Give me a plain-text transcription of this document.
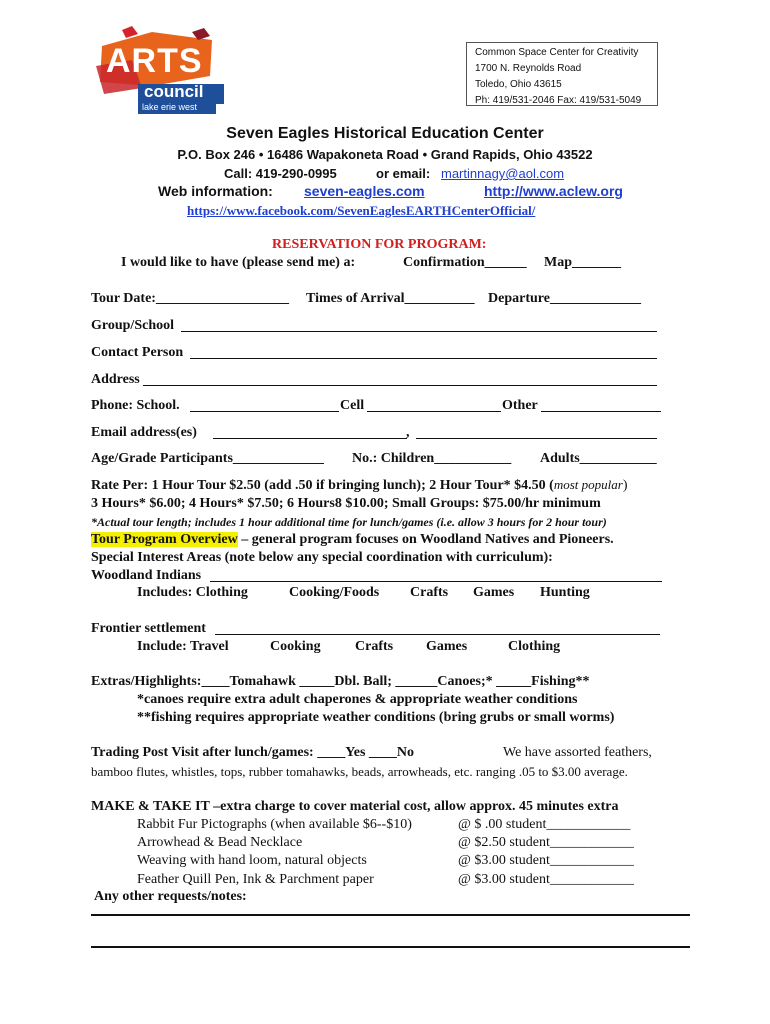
ARTS
council
lake erie west
Common Space Center for Creativity
1700 N. Reynolds Road
Toledo, Ohio 43615
Ph: 419/531-2046 Fax: 419/531-5049
Seven Eagles Historical Education Center
P.O. Box 246 • 16486 Wapakoneta Road • Grand Rapids, Ohio 43522
Call: 419-290-0995	or email: martinnagy@aol.com
Web information: seven-eagles.com	http://www.aclew.org
https://www.facebook.com/SevenEaglesEARTHCenterOfficial/
RESERVATION FOR PROGRAM:
I would like to have (please send me) a:	Confirmation______ Map_______
Tour Date:___________________ Times of Arrival__________ Departure_____________
Group/School
Contact Person
Address
Phone: School.	Cell	Other
Email address(es)	,
Age/Grade Participants_____________ No.: Children___________ Adults___________
Rate Per: 1 Hour Tour $2.50 (add .50 if bringing lunch); 2 Hour Tour* $4.50 (most popular)
3 Hours* $6.00; 4 Hours* $7.50; 6 Hours8 $10.00; Small Groups: $75.00/hr minimum
*Actual tour length; includes 1 hour additional time for lunch/games (i.e. allow 3 hours for 2 hour tour)
Tour Program Overview – general program focuses on Woodland Natives and Pioneers.
Special Interest Areas (note below any special coordination with curriculum):
Woodland Indians
Includes: Clothing	Cooking/Foods Crafts Games Hunting
Frontier settlement
Include: Travel	Cooking Crafts Games	Clothing
Extras/Highlights:____Tomahawk _____Dbl. Ball; ______Canoes;* _____Fishing**
*canoes require extra adult chaperones & appropriate weather conditions
**fishing requires appropriate weather conditions (bring grubs or small worms)
Trading Post Visit after lunch/games: ____Yes ____No	We have assorted feathers,
bamboo flutes, whistles, tops, rubber tomahawks, beads, arrowheads, etc. ranging .05 to $3.00 average.
MAKE & TAKE IT –extra charge to cover material cost, allow approx. 45 minutes extra
Rabbit Fur Pictographs (when available $6--$10)	@ $ .00 student____________
Arrowhead & Bead Necklace	@ $2.50 student____________
Weaving with hand loom, natural objects	@ $3.00 student____________
Feather Quill Pen, Ink & Parchment paper	@ $3.00 student____________
Any other requests/notes:
